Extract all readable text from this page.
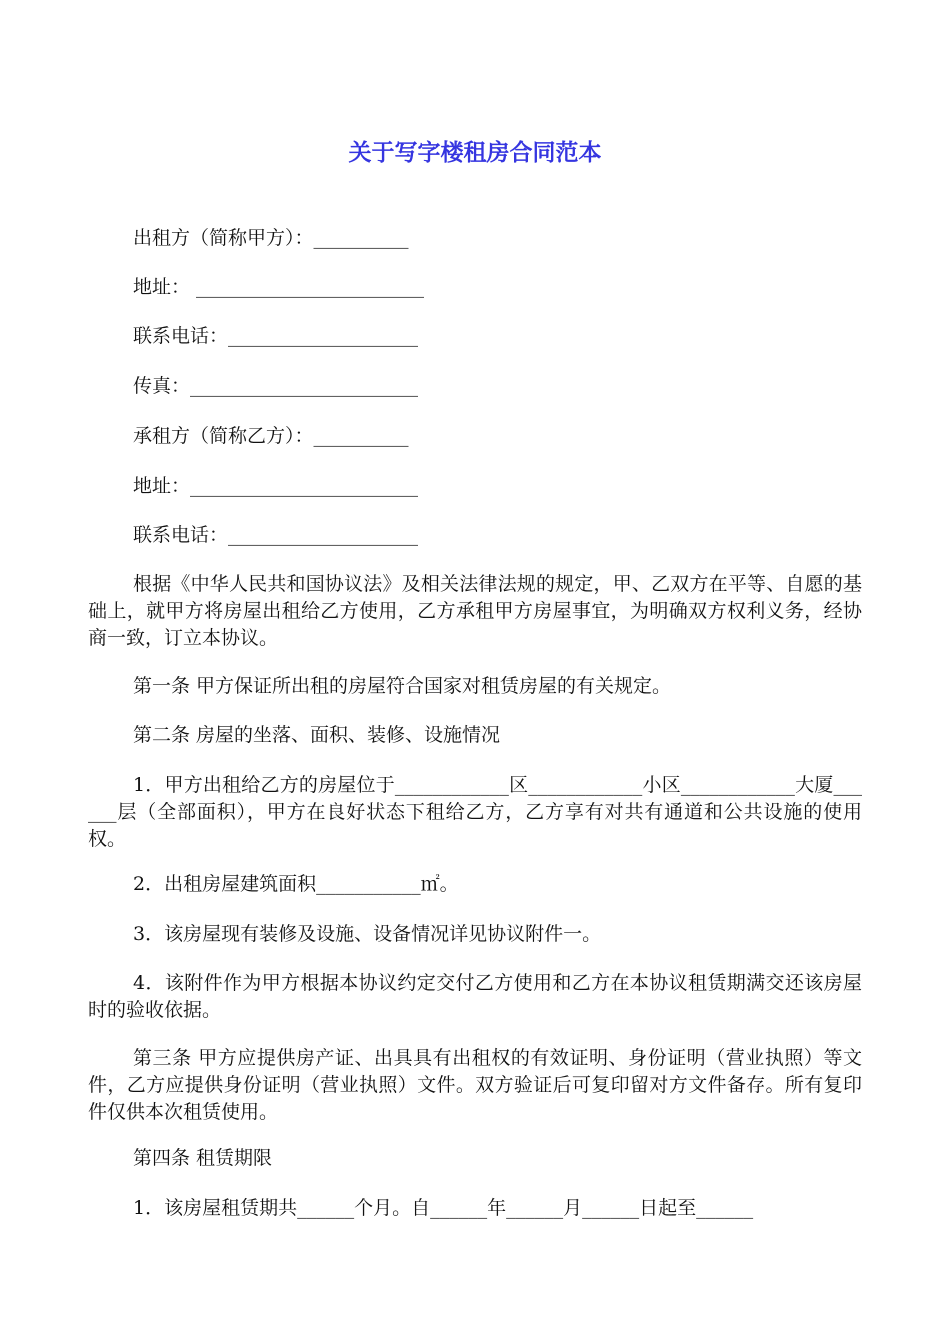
关于写字楼租房合同范本
出租方（简称甲方）：__________
地址： ________________________
联系电话：____________________
传真：________________________
承租方（简称乙方）：__________
地址：________________________
联系电话：____________________
根据《中华人民共和国协议法》及相关法律法规的规定，甲、乙双方在平等、自愿的基础上，就甲方将房屋出租给乙方使用，乙方承租甲方房屋事宜，为明确双方权利义务，经协商一致，订立本协议。
第一条 甲方保证所出租的房屋符合国家对租赁房屋的有关规定。
第二条 房屋的坐落、面积、装修、设施情况
1．甲方出租给乙方的房屋位于____________区____________小区____________大厦______层（全部面积），甲方在良好状态下租给乙方，乙方享有对共有通道和公共设施的使用权。
2．出租房屋建筑面积___________㎡。
3．该房屋现有装修及设施、设备情况详见协议附件一。
4．该附件作为甲方根据本协议约定交付乙方使用和乙方在本协议租赁期满交还该房屋时的验收依据。
第三条 甲方应提供房产证、出具具有出租权的有效证明、身份证明（营业执照）等文件，乙方应提供身份证明（营业执照）文件。双方验证后可复印留对方文件备存。所有复印件仅供本次租赁使用。
第四条 租赁期限
1．该房屋租赁期共______个月。自______年______月______日起至______
